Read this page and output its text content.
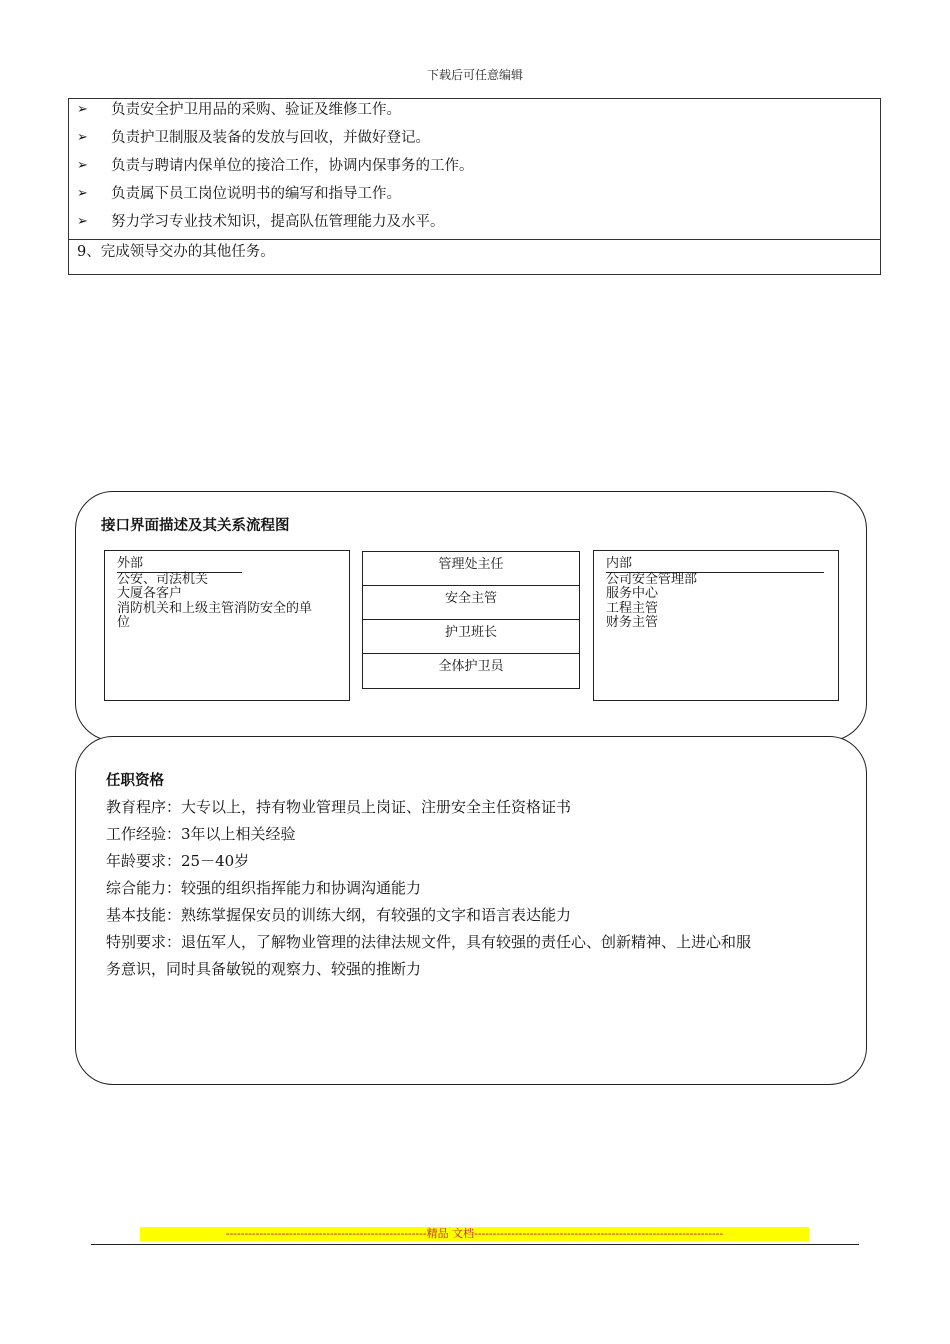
下载后可任意编辑
➢ 负责安全护卫用品的采购、验证及维修工作。
➢ 负责护卫制服及装备的发放与回收，并做好登记。
➢ 负责与聘请内保单位的接洽工作，协调内保事务的工作。
➢ 负责属下员工岗位说明书的编写和指导工作。
➢ 努力学习专业技术知识，提高队伍管理能力及水平。
9、完成领导交办的其他任务。
接口界面描述及其关系流程图
外部
公安、司法机关
大厦各客户
消防机关和上级主管消防安全的单
位
管理处主任
安全主管
护卫班长
全体护卫员
内部
公司安全管理部
服务中心
工程主管
财务主管
任职资格
教育程序：大专以上，持有物业管理员上岗证、注册安全主任资格证书
工作经验：3年以上相关经验
年龄要求：25－40岁
综合能力：较强的组织指挥能力和协调沟通能力
基本技能：熟练掌握保安员的训练大纲，有较强的文字和语言表达能力
特别要求：退伍军人，了解物业管理的法律法规文件，具有较强的责任心、创新精神、上进心和服
务意识，同时具备敏锐的观察力、较强的推断力
------------------------------------------------------精品 文档-------------------------------------------------------------------
